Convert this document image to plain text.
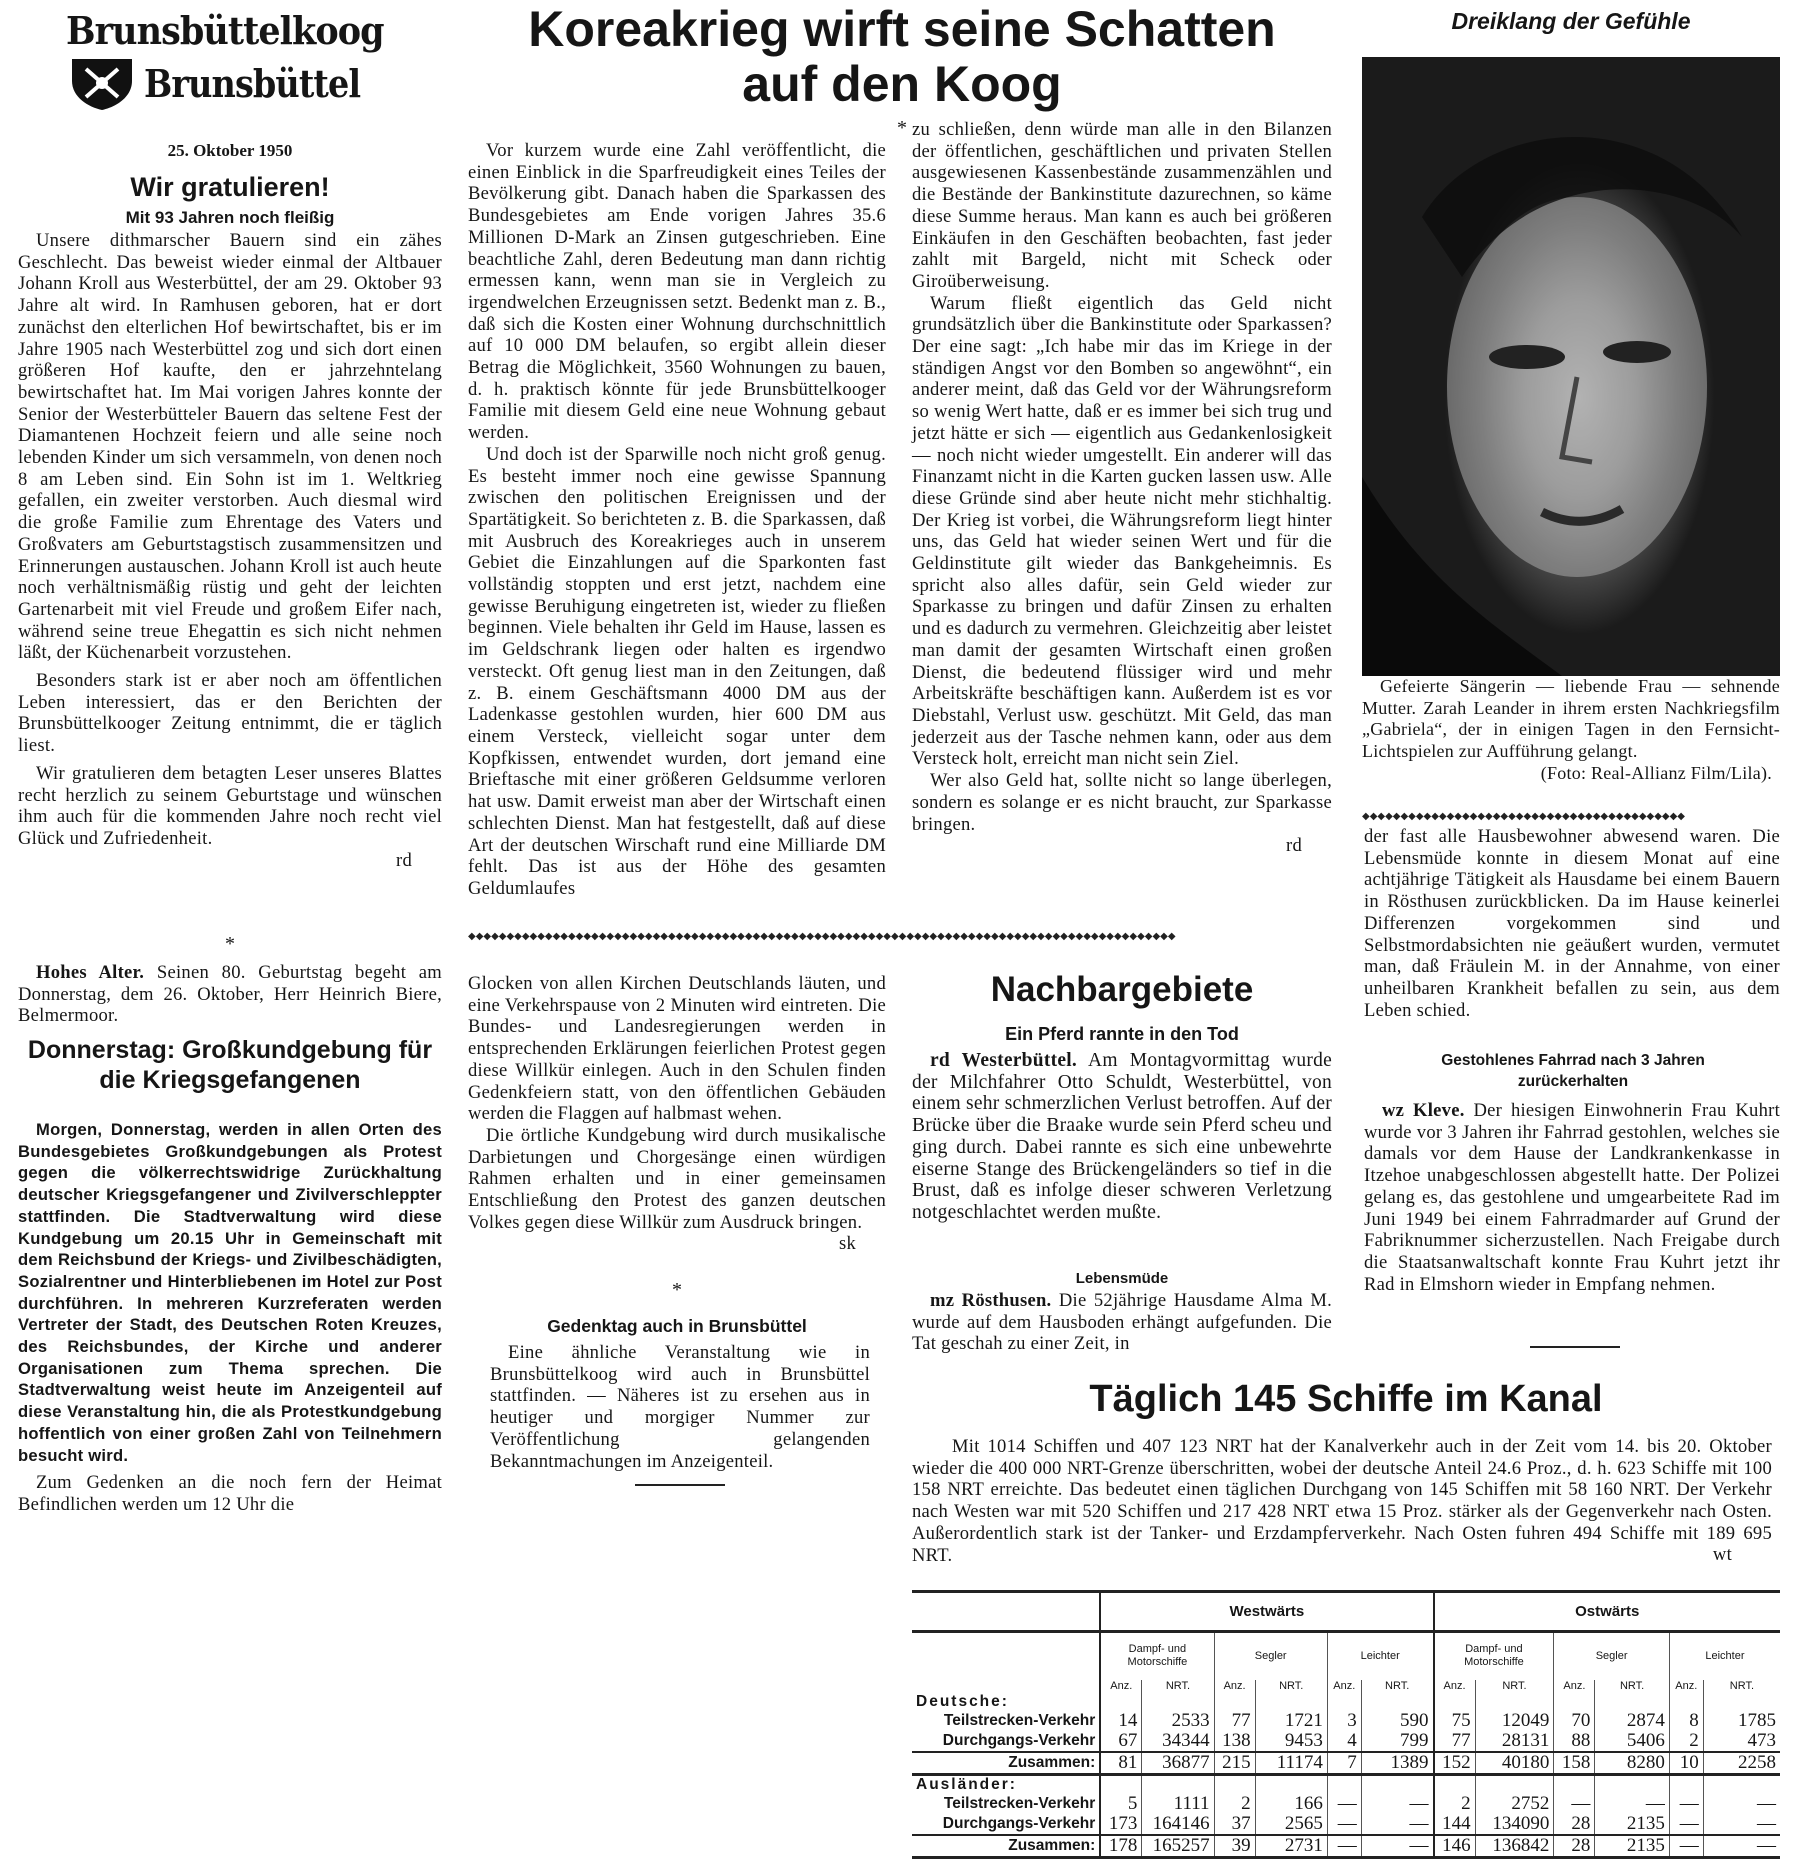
Brunsbüttelkoog
Brunsbüttel
25. Oktober 1950
Wir gratulieren!
Mit 93 Jahren noch fleißig

Unsere dithmarscher Bauern sind ein zähes Geschlecht. Das beweist wieder einmal der Altbauer Johann Kroll aus Westerbüttel, der am 29. Oktober 93 Jahre alt wird. In Ramhusen geboren, hat er dort zunächst den elterlichen Hof bewirtschaftet, bis er im Jahre 1905 nach Westerbüttel zog und sich dort einen größeren Hof kaufte, den er jahrzehntelang bewirtschaftet hat. Im Mai vorigen Jahres konnte der Senior der Westerbütteler Bauern das seltene Fest der Diamantenen Hochzeit feiern und alle seine noch lebenden Kinder um sich versammeln, von denen noch 8 am Leben sind. Ein Sohn ist im 1. Weltkrieg gefallen, ein zweiter verstorben. Auch diesmal wird die große Familie zum Ehrentage des Vaters und Großvaters am Geburtstagstisch zusammensitzen und Erinnerungen austauschen. Johann Kroll ist auch heute noch verhältnismäßig rüstig und geht der leichten Gartenarbeit mit viel Freude und großem Eifer nach, während seine treue Ehegattin es sich nicht nehmen läßt, der Küchenarbeit vorzustehen.

Besonders stark ist er aber noch am öffentlichen Leben interessiert, das er den Berichten der Brunsbüttelkooger Zeitung entnimmt, die er täglich liest.

Wir gratulieren dem betagten Leser unseres Blattes recht herzlich zu seinem Geburtstage und wünschen ihm auch für die kommenden Jahre noch recht viel Glück und Zufriedenheit.

rd
*

Hohes Alter. Seinen 80. Geburtstag begeht am Donnerstag, dem 26. Oktober, Herr Heinrich Biere, Belmermoor.

Donnerstag: Großkundgebung für die Kriegsgefangenen

Morgen, Donnerstag, werden in allen Orten des Bundesgebietes Großkundgebungen als Protest gegen die völkerrechtswidrige Zurückhaltung deutscher Kriegsgefangener und Zivilverschleppter stattfinden. Die Stadtverwaltung wird diese Kundgebung um 20.15 Uhr in Gemeinschaft mit dem Reichsbund der Kriegs- und Zivilbeschädigten, Sozialrentner und Hinterbliebenen im Hotel zur Post durchführen. In mehreren Kurzreferaten werden Vertreter der Stadt, des Deutschen Roten Kreuzes, des Reichsbundes, der Kirche und anderer Organisationen zum Thema sprechen. Die Stadtverwaltung weist heute im Anzeigenteil auf diese Veranstaltung hin, die als Protestkundgebung hoffentlich von einer großen Zahl von Teilnehmern besucht wird.

Zum Gedenken an die noch fern der Heimat Befindlichen werden um 12 Uhr die

Koreakrieg wirft seine Schatten
auf den Koog
*

Vor kurzem wurde eine Zahl veröffentlicht, die einen Einblick in die Sparfreudigkeit eines Teiles der Bevölkerung gibt. Danach haben die Sparkassen des Bundesgebietes am Ende vorigen Jahres 35.6 Millionen D-Mark an Zinsen gutgeschrieben. Eine beachtliche Zahl, deren Bedeutung man dann richtig ermessen kann, wenn man sie in Vergleich zu irgendwelchen Erzeugnissen setzt. Bedenkt man z. B., daß sich die Kosten einer Wohnung durchschnittlich auf 10 000 DM belaufen, so ergibt allein dieser Betrag die Möglichkeit, 3560 Wohnungen zu bauen, d. h. praktisch könnte für jede Brunsbüttelkooger Familie mit diesem Geld eine neue Wohnung gebaut werden.

Und doch ist der Sparwille noch nicht groß genug. Es besteht immer noch eine gewisse Spannung zwischen den politischen Ereignissen und der Spartätigkeit. So berichteten z. B. die Sparkassen, daß mit Ausbruch des Koreakrieges auch in unserem Gebiet die Einzahlungen auf die Sparkonten fast vollständig stoppten und erst jetzt, nachdem eine gewisse Beruhigung eingetreten ist, wieder zu fließen beginnen. Viele behalten ihr Geld im Hause, lassen es im Geldschrank liegen oder halten es irgendwo versteckt. Oft genug liest man in den Zeitungen, daß z. B. einem Geschäftsmann 4000 DM aus der Ladenkasse gestohlen wurden, hier 600 DM aus einem Versteck, vielleicht sogar unter dem Kopfkissen, entwendet wurden, dort jemand eine Brieftasche mit einer größeren Geldsumme verloren hat usw. Damit erweist man aber der Wirtschaft einen schlechten Dienst. Man hat festgestellt, daß auf diese Art der deutschen Wirschaft rund eine Milliarde DM fehlt. Das ist aus der Höhe des gesamten Geldumlaufes

zu schließen, denn würde man alle in den Bilanzen der öffentlichen, geschäftlichen und privaten Stellen ausgewiesenen Kassenbestände zusammenzählen und die Bestände der Bankinstitute dazurechnen, so käme diese Summe heraus. Man kann es auch bei größeren Einkäufen in den Geschäften beobachten, fast jeder zahlt mit Bargeld, nicht mit Scheck oder Giroüberweisung.

Warum fließt eigentlich das Geld nicht grundsätzlich über die Bankinstitute oder Sparkassen? Der eine sagt: „Ich habe mir das im Kriege in der ständigen Angst vor den Bomben so angewöhnt“, ein anderer meint, daß das Geld vor der Währungsreform so wenig Wert hatte, daß er es immer bei sich trug und jetzt hätte er sich — eigentlich aus Gedankenlosigkeit — noch nicht wieder umgestellt. Ein anderer will das Finanzamt nicht in die Karten gucken lassen usw. Alle diese Gründe sind aber heute nicht mehr stichhaltig. Der Krieg ist vorbei, die Währungsreform liegt hinter uns, das Geld hat wieder seinen Wert und für die Geldinstitute gilt wieder das Bankgeheimnis. Es spricht also alles dafür, sein Geld wieder zur Sparkasse zu bringen und dafür Zinsen zu erhalten und es dadurch zu vermehren. Gleichzeitig aber leistet man damit der gesamten Wirtschaft einen großen Dienst, die bedeutend flüssiger wird und mehr Arbeitskräfte beschäftigen kann. Außerdem ist es vor Diebstahl, Verlust usw. geschützt. Mit Geld, das man jederzeit aus der Tasche nehmen kann, oder aus dem Versteck holt, erreicht man nicht sein Ziel.

Wer also Geld hat, sollte nicht so lange überlegen, sondern es solange er es nicht braucht, zur Sparkasse bringen.

rd
◆◆◆◆◆◆◆◆◆◆◆◆◆◆◆◆◆◆◆◆◆◆◆◆◆◆◆◆◆◆◆◆◆◆◆◆◆◆◆◆◆◆◆◆◆◆◆◆◆◆◆◆◆◆◆◆◆◆◆◆◆◆◆◆◆◆◆◆◆◆◆◆◆◆◆◆◆◆◆◆◆◆◆◆◆◆◆◆◆◆◆◆

Glocken von allen Kirchen Deutschlands läuten, und eine Verkehrspause von 2 Minuten wird eintreten. Die Bundes- und Landesregierungen werden in entsprechenden Erklärungen feierlichen Protest gegen diese Willkür einlegen. Auch in den Schulen finden Gedenkfeiern statt, von den öffentlichen Gebäuden werden die Flaggen auf halbmast wehen.

Die örtliche Kundgebung wird durch musikalische Darbietungen und Chorgesänge einen würdigen Rahmen erhalten und in einer gemeinsamen Entschließung den Protest des ganzen deutschen Volkes gegen diese Willkür zum Ausdruck bringen.
sk

*
Gedenktag auch in Brunsbüttel

Eine ähnliche Veranstaltung wie in Brunsbüttelkoog wird auch in Brunsbüttel stattfinden. — Näheres ist zu ersehen aus in heutiger und morgiger Nummer zur Veröffentlichung gelangenden Bekanntmachungen im Anzeigenteil.

Nachbargebiete
Ein Pferd rannte in den Tod

rd Westerbüttel. Am Montagvormittag wurde der Milchfahrer Otto Schuldt, Westerbüttel, von einem sehr schmerzlichen Verlust betroffen. Auf der Brücke über die Braake wurde sein Pferd scheu und ging durch. Dabei rannte es sich eine unbewehrte eiserne Stange des Brückengeländers so tief in die Brust, daß es infolge dieser schweren Verletzung notgeschlachtet werden mußte.

Lebensmüde

mz Rösthusen. Die 52jährige Hausdame Alma M. wurde auf dem Hausboden erhängt aufgefunden. Die Tat geschah zu einer Zeit, in

Dreiklang der Gefühle

Gefeierte Sängerin — liebende Frau — sehnende Mutter. Zarah Leander in ihrem ersten Nachkriegsfilm „Gabriela“, der in einigen Tagen in den Fernsicht-Lichtspielen zur Aufführung gelangt.

(Foto: Real-Allianz Film/Lila).
◆◆◆◆◆◆◆◆◆◆◆◆◆◆◆◆◆◆◆◆◆◆◆◆◆◆◆◆◆◆◆◆◆◆◆◆◆◆◆◆◆◆

der fast alle Hausbewohner abwesend waren. Die Lebensmüde konnte in diesem Monat auf eine achtjährige Tätigkeit als Hausdame bei einem Bauern in Rösthusen zurückblicken. Da im Hause keinerlei Differenzen vorgekommen sind und Selbstmordabsichten nie geäußert wurden, vermutet man, daß Fräulein M. in der Annahme, von einer unheilbaren Krankheit befallen zu sein, aus dem Leben schied.

Gestohlenes Fahrrad nach 3 Jahren zurückerhalten

wz Kleve. Der hiesigen Einwohnerin Frau Kuhrt wurde vor 3 Jahren ihr Fahrrad gestohlen, welches sie damals vor dem Hause der Landkrankenkasse in Itzehoe unabgeschlossen abgestellt hatte. Der Polizei gelang es, das gestohlene und umgearbeitete Rad im Juni 1949 bei einem Fahrradmarder auf Grund der Fabriknummer sicherzustellen. Nach Freigabe durch die Staatsanwaltschaft konnte Frau Kuhrt jetzt ihr Rad in Elmshorn wieder in Empfang nehmen.

Täglich 145 Schiffe im Kanal

Mit 1014 Schiffen und 407 123 NRT hat der Kanalverkehr auch in der Zeit vom 14. bis 20. Oktober wieder die 400 000 NRT-Grenze überschritten, wobei der deutsche Anteil 24.6 Proz., d. h. 623 Schiffe mit 100 158 NRT erreichte. Das bedeutet einen täglichen Durchgang von 145 Schiffen mit 58 160 NRT. Der Verkehr nach Westen war mit 520 Schiffen und 217 428 NRT etwa 15 Proz. stärker als der Gegenverkehr nach Osten. Außerordentlich stark ist der Tanker- und Erzdampferverkehr. Nach Osten fuhren 494 Schiffe mit 189 695 NRT.	wt
	Westwärts						Ostwärts					
	Dampf- und Motorschiffe		Segler		Leichter		Dampf- und Motorschiffe		Segler		Leichter	
	Anz.	NRT.	Anz.	NRT.	Anz.	NRT.	Anz.	NRT.	Anz.	NRT.	Anz.	NRT.
Deutsche:												
Teilstrecken-Verkehr	14	2533	77	1721	3	590	75	12049	70	2874	8	1785
Durchgangs-Verkehr	67	34344	138	9453	4	799	77	28131	88	5406	2	473
Zusammen:	81	36877	215	11174	7	1389	152	40180	158	8280	10	2258
Ausländer:												
Teilstrecken-Verkehr	5	1111	2	166	—	—	2	2752	—	—	—	—
Durchgangs-Verkehr	173	164146	37	2565	—	—	144	134090	28	2135	—	—
Zusammen:	178	165257	39	2731	—	—	146	136842	28	2135	—	—
